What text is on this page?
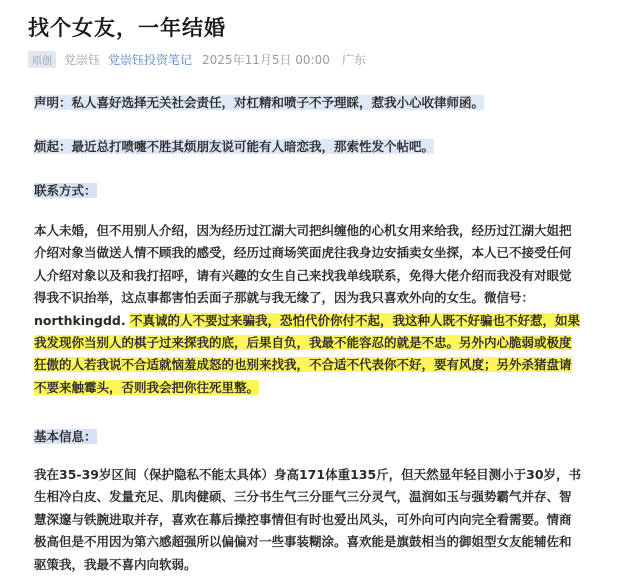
找个女友，一年结婚
原创	党崇钰 党崇钰投资笔记 2025年11月5日 00:00 广东
声明：私人喜好选择无关社会责任，对杠精和喷子不予理睬，惹我小心收律师函。
烦起：最近总打喷嚏不胜其烦朋友说可能有人暗恋我，那索性发个帖吧。
联系方式：
本人未婚，但不用别人介绍，因为经历过江湖大司把纠缠他的心机女用来给我，经历过江湖大姐把
介绍对象当做送人情不顾我的感受，经历过商场笑面虎往我身边安插卖女坐探，本人已不接受任何
人介绍对象以及和我打招呼，请有兴趣的女生自己来找我单线联系，免得大佬介绍而我没有对眼觉
得我不识抬举，这点事都害怕丢面子那就与我无缘了，因为我只喜欢外向的女生。微信号：
northkingdd. 不真诚的人不要过来骗我，恐怕代价你付不起，我这种人既不好骗也不好惹，如果
我发现你当别人的棋子过来探我的底，后果自负，我最不能容忍的就是不忠。另外内心脆弱或极度
狂傲的人若我说不合适就恼羞成怒的也别来找我，不合适不代表你不好，要有风度；另外杀猪盘请
不要来触霉头，否则我会把你往死里整。
基本信息：
我在35-39岁区间（保护隐私不能太具体）身高171体重135斤，但天然显年轻目测小于30岁，书
生相冷白皮、发量充足、肌肉健硕、三分书生气三分匪气三分灵气，温润如玉与强势霸气并存、智
慧深邃与铁腕进取并存，喜欢在幕后操控事情但有时也爱出风头，可外向可内向完全看需要。情商
极高但是不用因为第六感超强所以偏偏对一些事装糊涂。喜欢能是旗鼓相当的御姐型女友能辅佐和
驱策我，我最不喜内向软弱。
